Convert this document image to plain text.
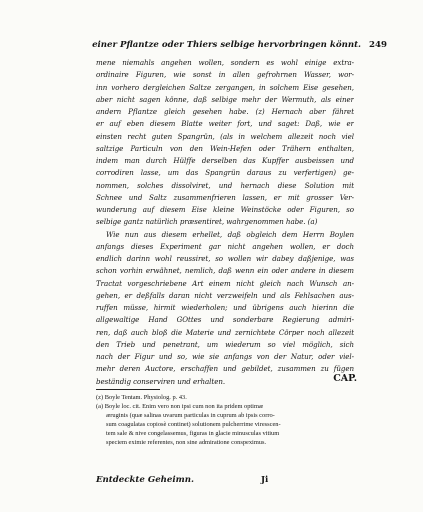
einer Pflantze oder Thiers selbige hervorbringen könnt. 249
mene niemahls angehen wollen, sondern es wohl einige extra-
ordinaire Figuren, wie sonst in allen gefrohrnen Wasser, wor-
inn vorhero dergleichen Saltze zergangen, in solchem Eise gesehen,
aber nicht sagen könne, daß selbige mehr der Wermuth, als einer
andern Pflantze gleich gesehen habe. (z) Hernach aber fähret
er auf eben diesem Blatte weiter fort, und saget: Daß, wie er
einsten recht guten Spangrün, (als in welchem allezeit noch viel
saltzige Particuln von den Wein-Hefen oder Trähern enthalten,
indem man durch Hülffe derselben das Kupffer ausbeissen und
corrodiren lasse, um das Spangrün daraus zu verfertigen) ge-
nommen, solches dissolviret, und hernach diese Solution mit
Schnee und Saltz zusammenfrieren lassen, er mit grosser Ver-
wunderung auf diesem Eise kleine Weinstöcke oder Figuren, so
selbige gantz natürlich præsentiret, wahrgenommen habe. (a)
Wie nun aus diesem erhellet, daß obgleich dem Herrn Boylen
anfangs dieses Experiment gar nicht angehen wollen, er doch
endlich darinn wohl reussiret, so wollen wir dabey daßjenige, was
schon vorhin erwähnet, nemlich, daß wenn ein oder andere in diesem
Tractat vorgeschriebene Art einem nicht gleich nach Wunsch an-
gehen, er deßfalls daran nicht verzweifeln und als Fehlsachen aus-
ruffen müsse, hirmit wiederholen; und übrigens auch hierinn die
allgewaltige Hand GOttes und sonderbare Regierung admiri-
ren, daß auch bloß die Materie und zernichtete Cörper noch allezeit
den Trieb und penetrant, um wiederum so viel möglich, sich
nach der Figur und so, wie sie anfangs von der Natur, oder viel-
mehr deren Auctore, erschaffen und gebildet, zusammen zu fügen
beständig conserviren und erhalten.	CAP.
(z) Boyle Tentam. Physiolog. p. 43.
(a) Boyle loc. cit. Enim vero non ipsi cum non ita pridem optimæ
æruginis (quæ salinas uvarum particulas in cuprum ab ipsis corro-
sum coagulatas copiosè continet) solutionem pulcherrime viresscen-
tem sale & nive congelassemus, figuras in glacie minusculas vitium
speciem eximie referentes, non sine admiratione conspeximus.
Entdeckte Geheimn.	Ji
